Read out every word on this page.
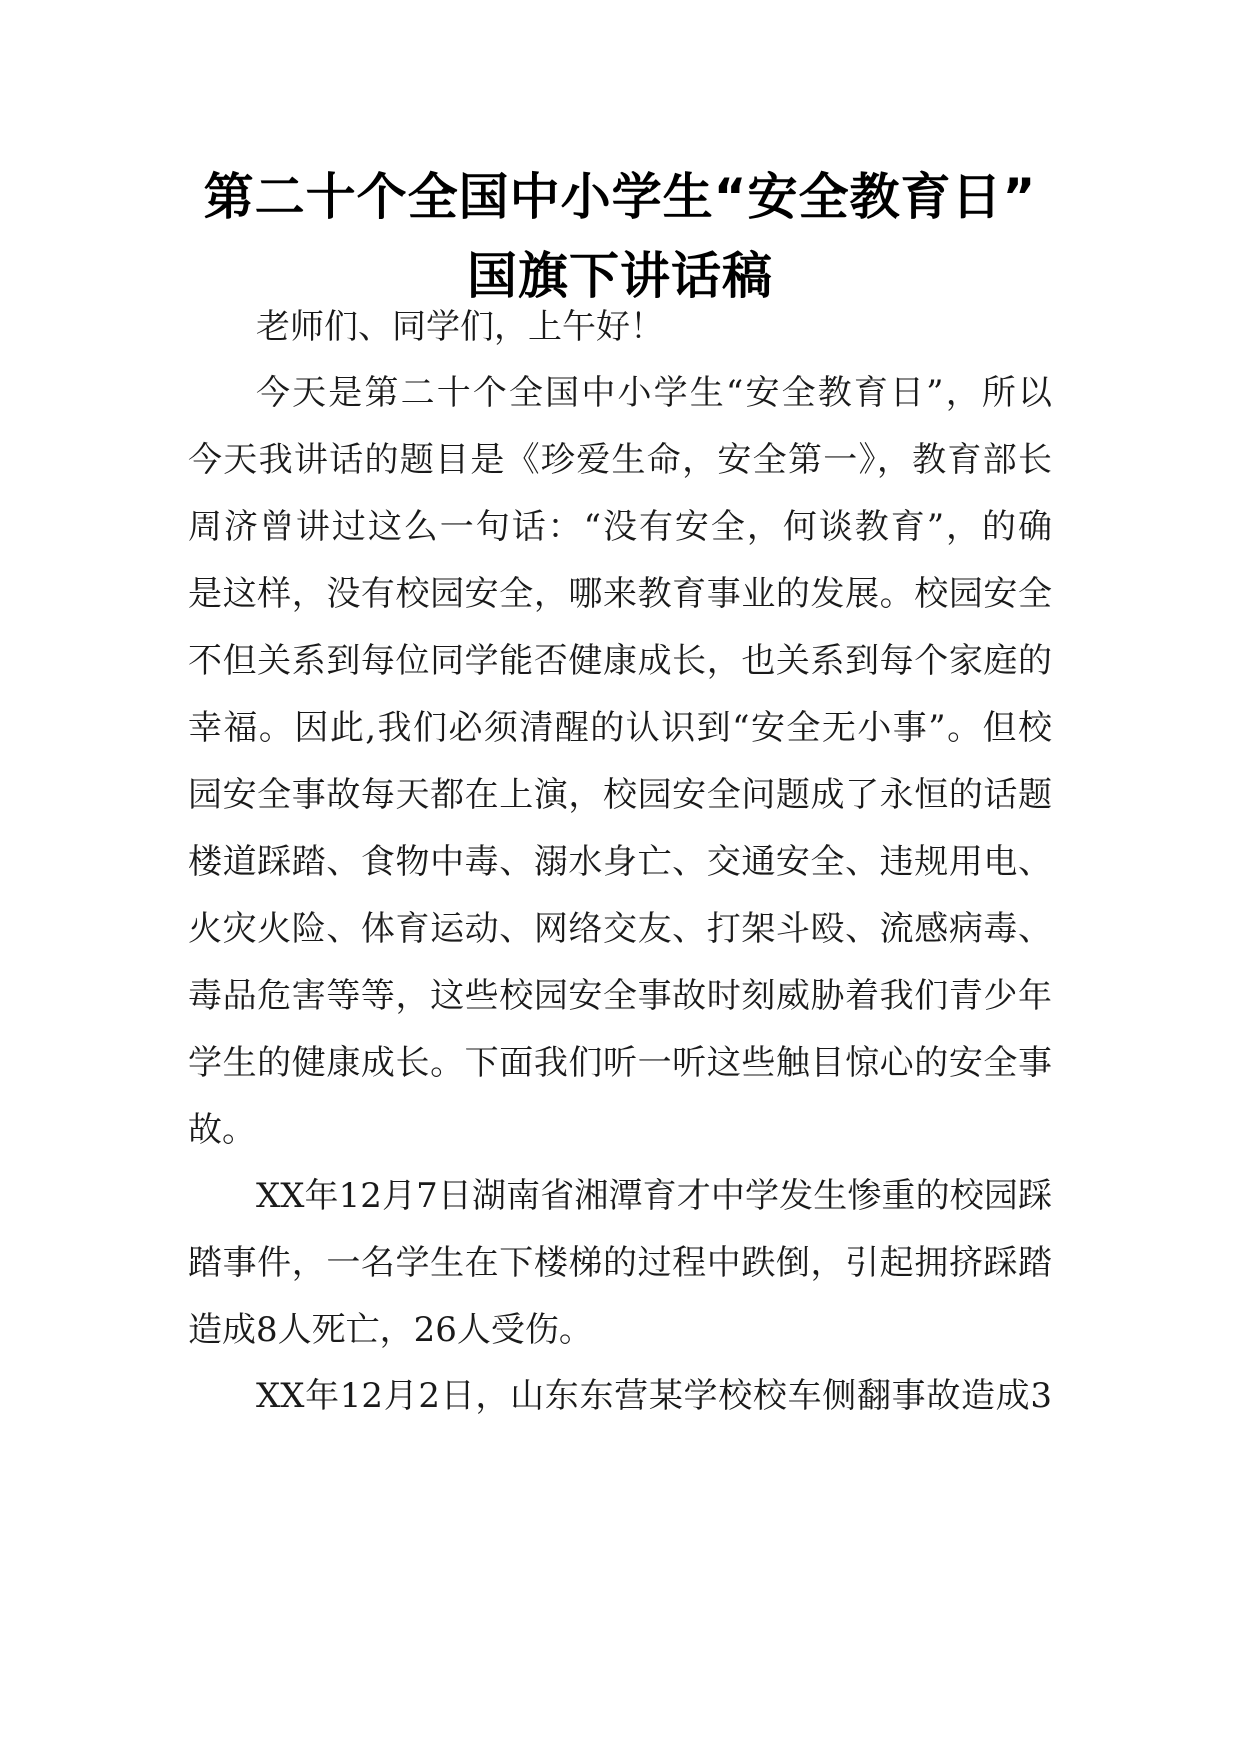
第二十个全国中小学生“安全教育日”
国旗下讲话稿
老师们、同学们，上午好！
今天是第二十个全国中小学生“安全教育日”，所以
今天我讲话的题目是《珍爱生命，安全第一》，教育部长
周济曾讲过这么一句话：“没有安全，何谈教育”，的确
是这样，没有校园安全，哪来教育事业的发展。校园安全
不但关系到每位同学能否健康成长，也关系到每个家庭的
幸福。因此,我们必须清醒的认识到“安全无小事”。但校
园安全事故每天都在上演，校园安全问题成了永恒的话题
楼道踩踏、食物中毒、溺水身亡、交通安全、违规用电、
火灾火险、体育运动、网络交友、打架斗殴、流感病毒、
毒品危害等等，这些校园安全事故时刻威胁着我们青少年
学生的健康成长。下面我们听一听这些触目惊心的安全事
故。
XX年12月7日湖南省湘潭育才中学发生惨重的校园踩
踏事件，一名学生在下楼梯的过程中跌倒，引起拥挤踩踏
造成8人死亡，26人受伤。
XX年12月2日，山东东营某学校校车侧翻事故造成3
